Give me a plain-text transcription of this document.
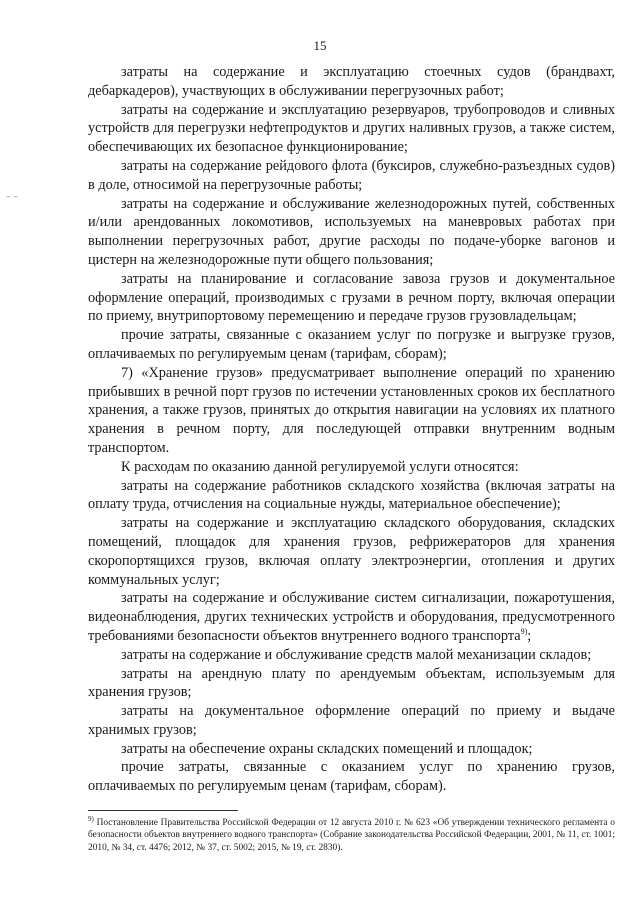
15
– –

затраты на содержание и эксплуатацию стоечных судов (брандвахт, дебаркадеров), участвующих в обслуживании перегрузочных работ;

затраты на содержание и эксплуатацию резервуаров, трубопроводов и сливных устройств для перегрузки нефтепродуктов и других наливных грузов, а также систем, обеспечивающих их безопасное функционирование;

затраты на содержание рейдового флота (буксиров, служебно-разъездных судов) в доле, относимой на перегрузочные работы;

затраты на содержание и обслуживание железнодорожных путей, собственных и/или арендованных локомотивов, используемых на маневровых работах при выполнении перегрузочных работ, другие расходы по подаче-уборке вагонов и цистерн на железнодорожные пути общего пользования;

затраты на планирование и согласование завоза грузов и документальное оформление операций, производимых с грузами в речном порту, включая операции по приему, внутрипортовому перемещению и передаче грузов грузовладельцам;

прочие затраты, связанные с оказанием услуг по погрузке и выгрузке грузов, оплачиваемых по регулируемым ценам (тарифам, сборам);

7) «Хранение грузов» предусматривает выполнение операций по хранению прибывших в речной порт грузов по истечении установленных сроков их бесплатного хранения, а также грузов, принятых до открытия навигации на условиях их платного хранения в речном порту, для последующей отправки внутренним водным транспортом.

К расходам по оказанию данной регулируемой услуги относятся:

затраты на содержание работников складского хозяйства (включая затраты на оплату труда, отчисления на социальные нужды, материальное обеспечение);

затраты на содержание и эксплуатацию складского оборудования, складских помещений, площадок для хранения грузов, рефрижераторов для хранения скоропортящихся грузов, включая оплату электроэнергии, отопления и других коммунальных услуг;

затраты на содержание и обслуживание систем сигнализации, пожаротушения, видеонаблюдения, других технических устройств и оборудования, предусмотренного требованиями безопасности объектов внутреннего водного транспорта$^{9)}$;

затраты на содержание и обслуживание средств малой механизации складов;

затраты на арендную плату по арендуемым объектам, используемым для хранения грузов;

затраты на документальное оформление операций по приему и выдаче хранимых грузов;

затраты на обеспечение охраны складских помещений и площадок;

прочие затраты, связанные с оказанием услуг по хранению грузов, оплачиваемых по регулируемым ценам (тарифам, сборам).

$^{9)}$ Постановление Правительства Российской Федерации от 12 августа 2010 г. № 623 «Об утверждении технического регламента о безопасности объектов внутреннего водного транспорта» (Собрание законодательства Российской Федерации, 2001, № 11, ст. 1001; 2010, № 34, ст. 4476; 2012, № 37, ст. 5002; 2015, № 19, ст. 2830).
